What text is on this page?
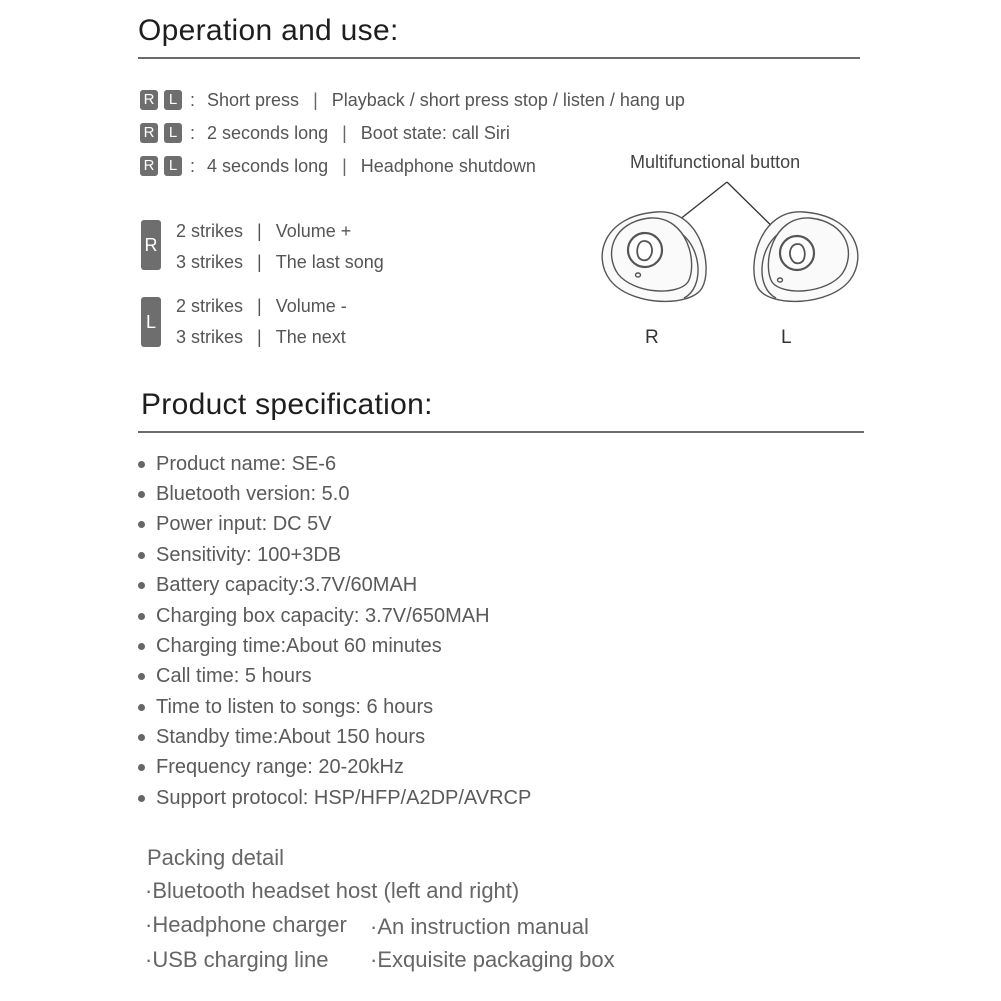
Operation and use:
R L : Short press | Playback / short press stop / listen / hang up
R L : 2 seconds long | Boot state: call Siri
R L : 4 seconds long | Headphone shutdown
R
2 strikes | Volume +
3 strikes | The last song
L
2 strikes | Volume -
3 strikes | The next
Multifunctional button
R	L
Product specification:
Product name: SE-6
Bluetooth version: 5.0
Power input: DC 5V
Sensitivity: 100+3DB
Battery capacity:3.7V/60MAH
Charging box capacity: 3.7V/650MAH
Charging time:About 60 minutes
Call time: 5 hours
Time to listen to songs: 6 hours
Standby time:About 150 hours
Frequency range: 20-20kHz
Support protocol: HSP/HFP/A2DP/AVRCP
Packing detail
·Bluetooth headset host (left and right)
·Headphone charger ·An instruction manual
·USB charging line ·Exquisite packaging box
